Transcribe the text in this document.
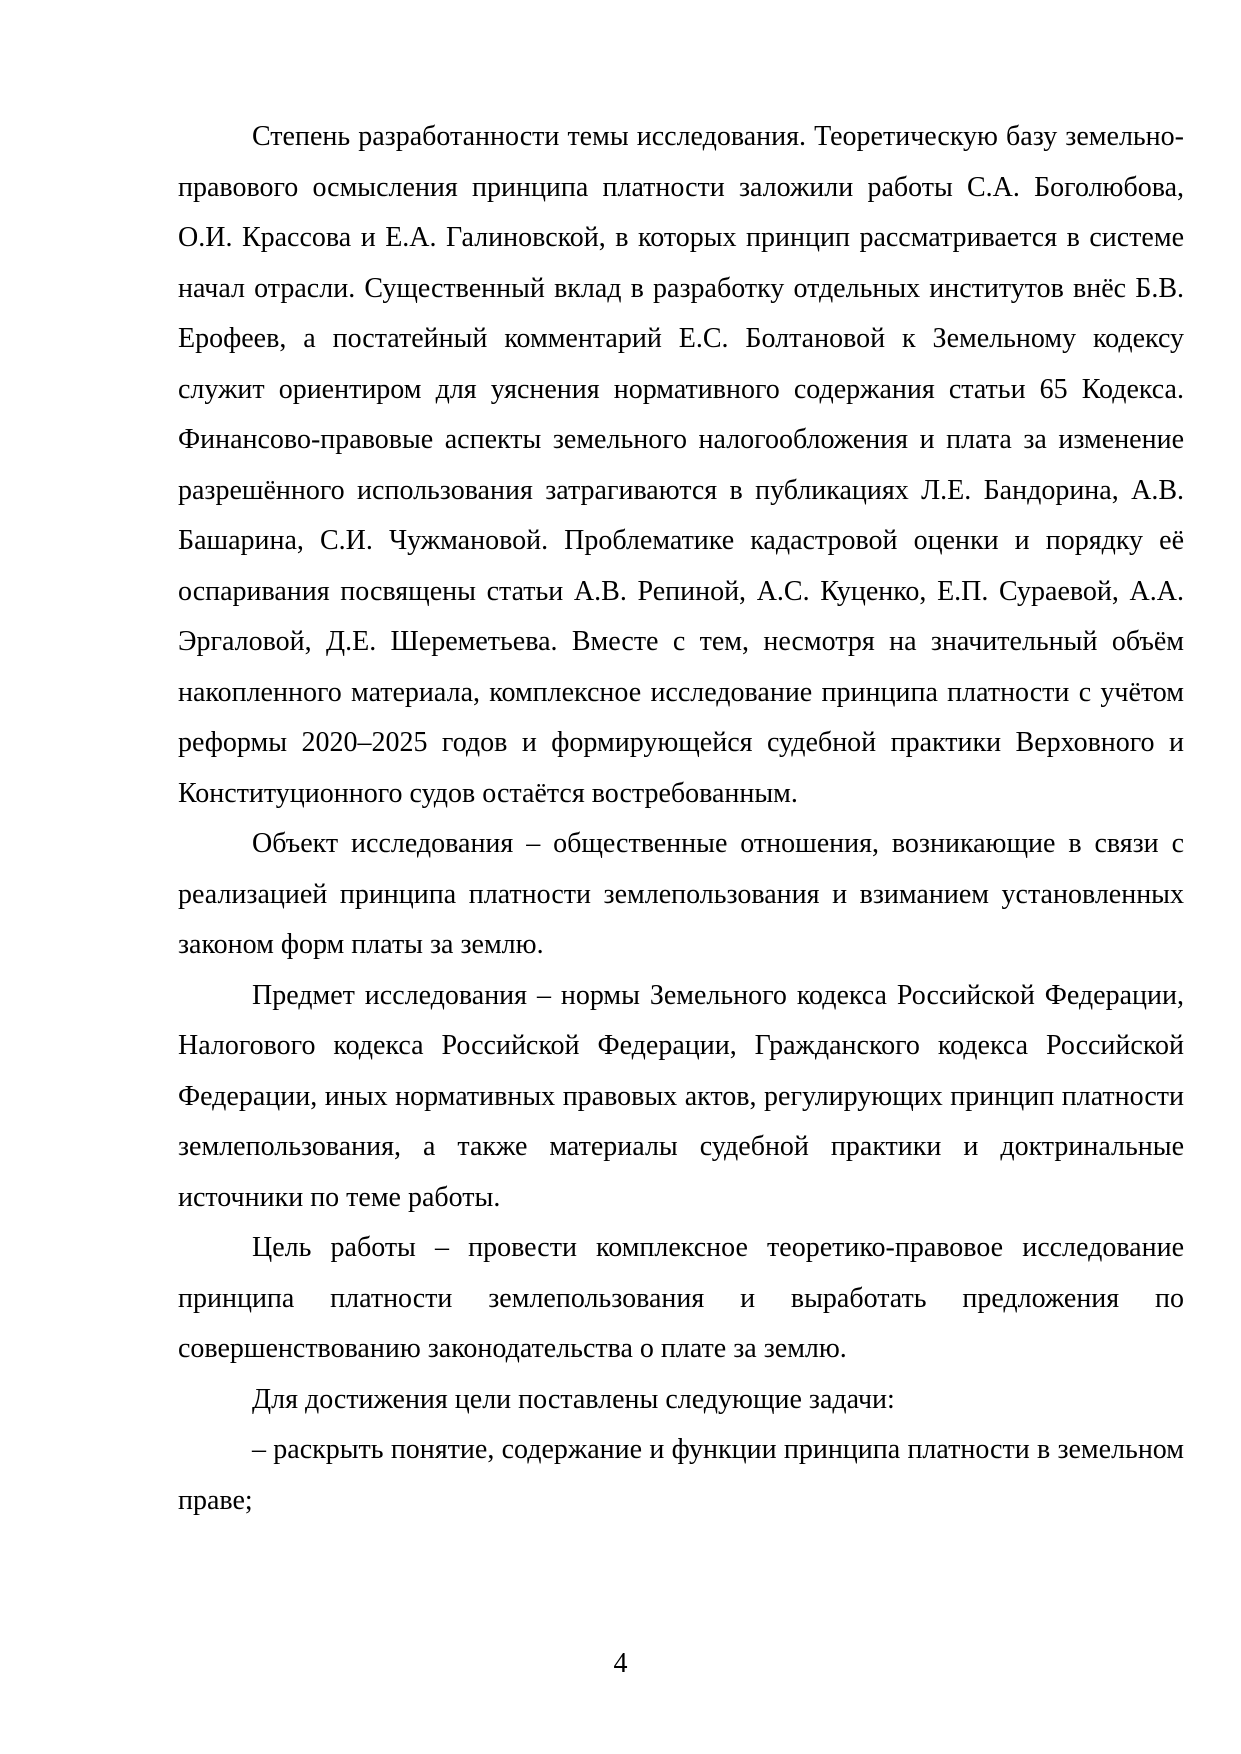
Степень разработанности темы исследования. Теоретическую базу земельно-правового осмысления принципа платности заложили работы С.А. Боголюбова, О.И. Крассова и Е.А. Галиновской, в которых принцип рассматривается в системе начал отрасли. Существенный вклад в разработку отдельных институтов внёс Б.В. Ерофеев, а постатейный комментарий Е.С. Болтановой к Земельному кодексу служит ориентиром для уяснения нормативного содержания статьи 65 Кодекса. Финансово-правовые аспекты земельного налогообложения и плата за изменение разрешённого использования затрагиваются в публикациях Л.Е. Бандорина, А.В. Башарина, С.И. Чужмановой. Проблематике кадастровой оценки и порядку её оспаривания посвящены статьи А.В. Репиной, А.С. Куценко, Е.П. Сураевой, А.А. Эргаловой, Д.Е. Шереметьева. Вместе с тем, несмотря на значительный объём накопленного материала, комплексное исследование принципа платности с учётом реформы 2020–2025 годов и формирующейся судебной практики Верховного и Конституционного судов остаётся востребованным.

Объект исследования – общественные отношения, возникающие в связи с реализацией принципа платности землепользования и взиманием установленных законом форм платы за землю.

Предмет исследования – нормы Земельного кодекса Российской Федерации, Налогового кодекса Российской Федерации, Гражданского кодекса Российской Федерации, иных нормативных правовых актов, регулирующих принцип платности землепользования, а также материалы судебной практики и доктринальные источники по теме работы.

Цель работы – провести комплексное теоретико-правовое исследование принципа платности землепользования и выработать предложения по совершенствованию законодательства о плате за землю.

Для достижения цели поставлены следующие задачи:

– раскрыть понятие, содержание и функции принципа платности в земельном праве;

4
